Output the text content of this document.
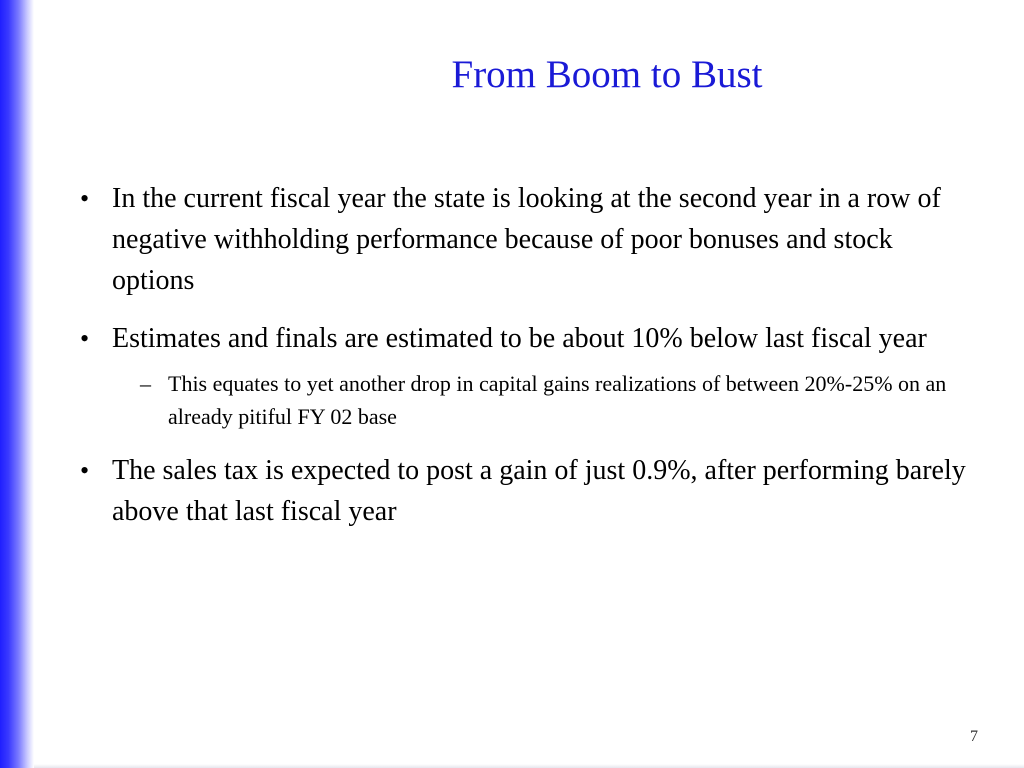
From Boom to Bust
• In the current fiscal year the state is looking at the second year in a row of negative withholding performance because of poor bonuses and stock options
• Estimates and finals are estimated to be about 10% below last fiscal year
– This equates to yet another drop in capital gains realizations of between 20%-25% on an already pitiful FY 02 base
• The sales tax is expected to post a gain of just 0.9%, after performing barely above that last fiscal year
7
